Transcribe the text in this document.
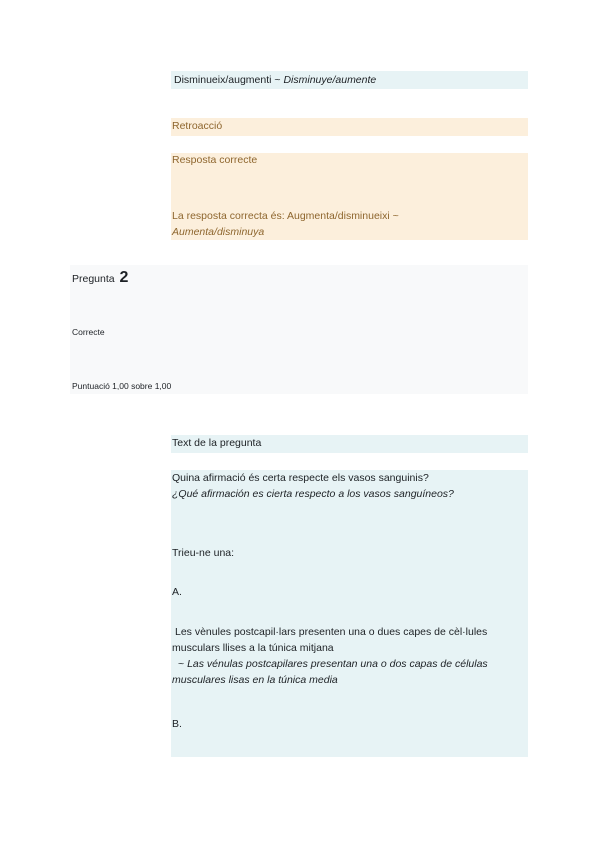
Disminueix/augmenti ~ Disminuye/aumente
Retroacció
Resposta correcte
La resposta correcta és: Augmenta/disminueixi ~
Aumenta/disminuya
Pregunta 2
Correcte
Puntuació 1,00 sobre 1,00
Text de la pregunta
Quina afirmació és certa respecte els vasos sanguinis?
¿Qué afirmación es cierta respecto a los vasos sanguíneos?
Trieu-ne una:
A.
Les vènules postcapil·lars presenten una o dues capes de cèl·lules musculars llises a la túnica mitjana
~ Las vénulas postcapilares presentan una o dos capas de células musculares lisas en la túnica media
B.
